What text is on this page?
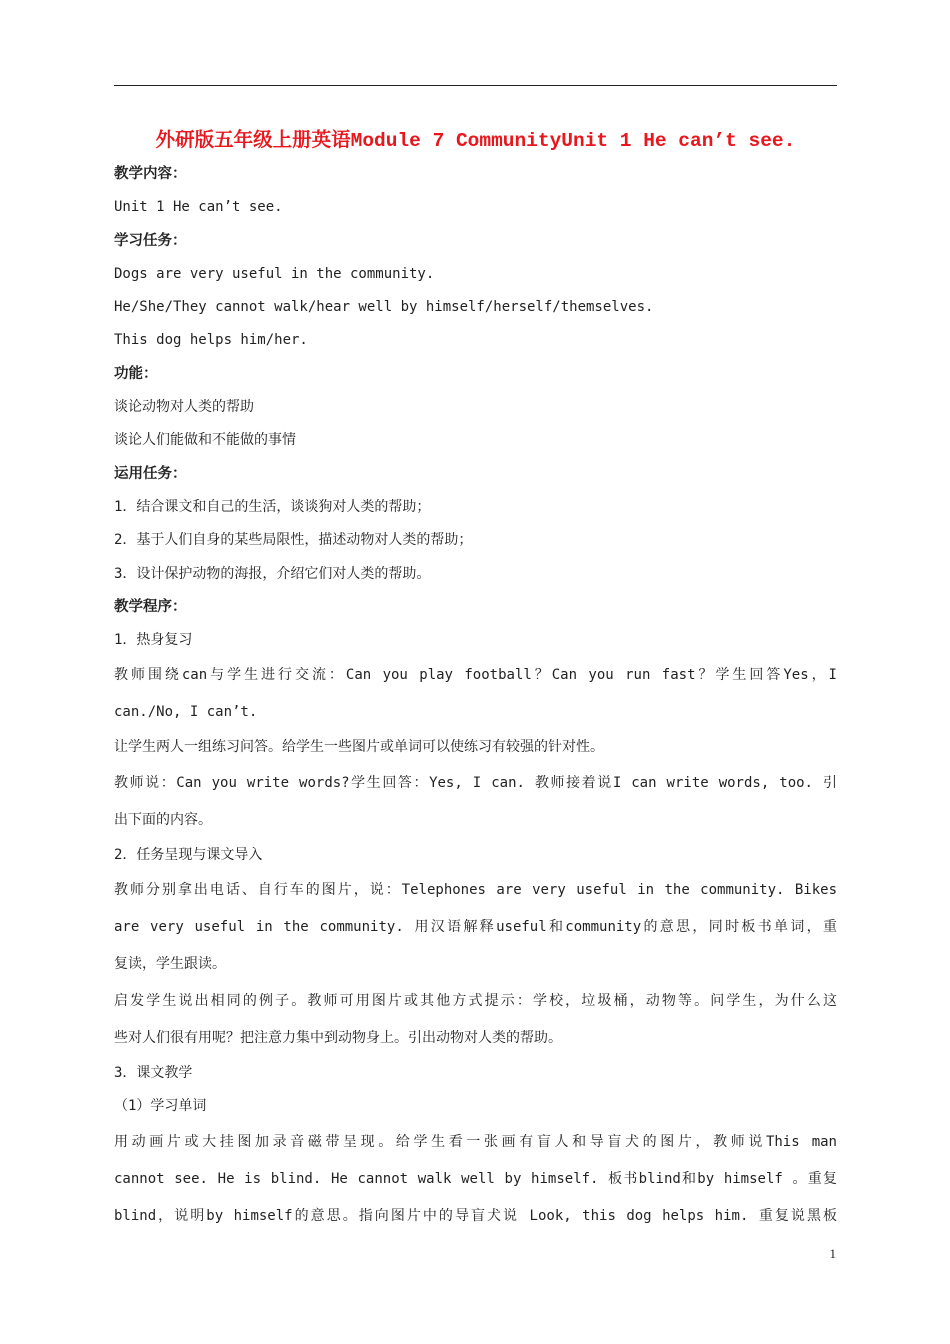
外研版五年级上册英语Module 7 CommunityUnit 1 He can’t see.
教学内容：
Unit 1 He can’t see.
学习任务：
Dogs are very useful in the community.
He/She/They cannot walk/hear well by himself/herself/themselves.
This dog helps him/her.
功能：
谈论动物对人类的帮助
谈论人们能做和不能做的事情
运用任务：
1．结合课文和自己的生活，谈谈狗对人类的帮助；
2．基于人们自身的某些局限性，描述动物对人类的帮助；
3．设计保护动物的海报，介绍它们对人类的帮助。
教学程序：
1．热身复习
教师围绕can与学生进行交流：Can you play football？Can you run fast？学生回答Yes，I
can./No, I can’t.
让学生两人一组练习问答。给学生一些图片或单词可以使练习有较强的针对性。
教师说：Can you write words?学生回答：Yes, I can. 教师接着说I can write words, too. 引
出下面的内容。
2．任务呈现与课文导入
教师分别拿出电话、自行车的图片，说：Telephones are very useful in the community. Bikes
are very useful in the community. 用汉语解释useful和community的意思，同时板书单词，重
复读，学生跟读。
启发学生说出相同的例子。教师可用图片或其他方式提示：学校，垃圾桶，动物等。问学生，为什么这
些对人们很有用呢？把注意力集中到动物身上。引出动物对人类的帮助。
3．课文教学
（1）学习单词
用动画片或大挂图加录音磁带呈现。给学生看一张画有盲人和导盲犬的图片，教师说This man
cannot see. He is blind. He cannot walk well by himself. 板书blind和by himself 。重复
blind，说明by himself的意思。指向图片中的导盲犬说 Look, this dog helps him. 重复说黑板
1
